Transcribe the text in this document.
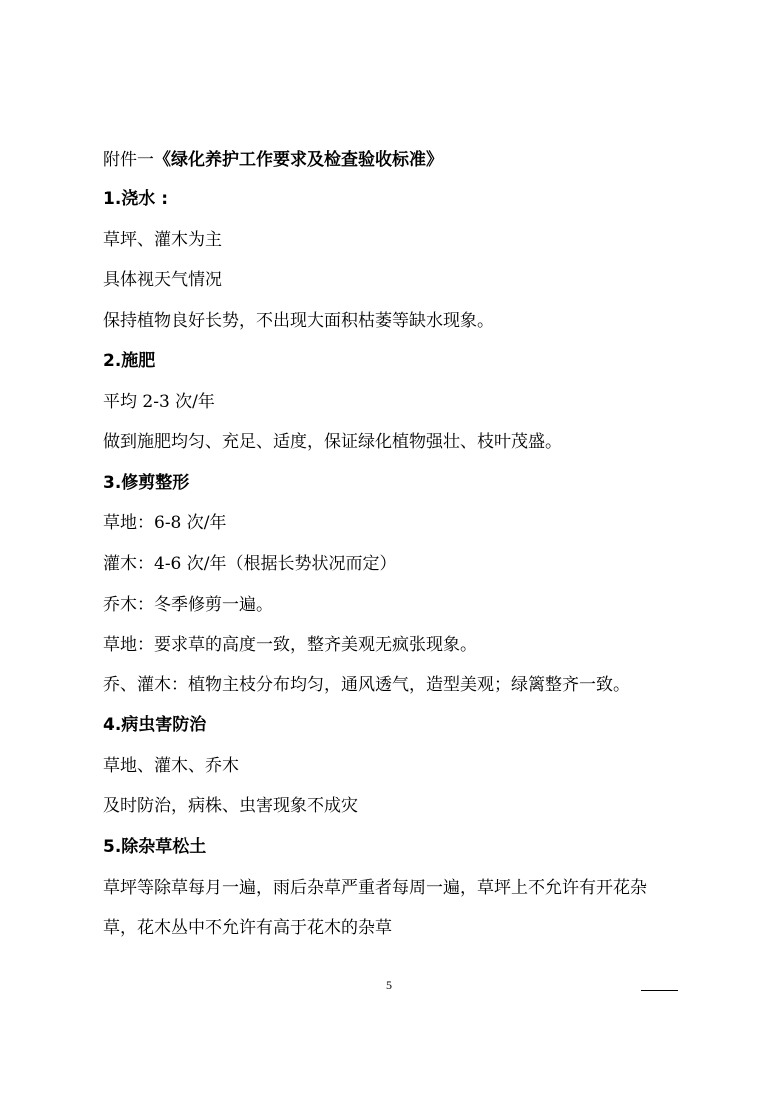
附件一《绿化养护工作要求及检查验收标准》
1.浇水 :
草坪、灌木为主
具体视天气情况
保持植物良好长势，不出现大面积枯萎等缺水现象。
2.施肥
平均 2-3 次/年
做到施肥均匀、充足、适度，保证绿化植物强壮、枝叶茂盛。
3.修剪整形
草地：6-8 次/年
灌木：4-6 次/年（根据长势状况而定）
乔木：冬季修剪一遍。
草地：要求草的高度一致，整齐美观无疯张现象。
乔、灌木：植物主枝分布均匀，通风透气，造型美观；绿篱整齐一致。
4.病虫害防治
草地、灌木、乔木
及时防治，病株、虫害现象不成灾
5.除杂草松土
草坪等除草每月一遍，雨后杂草严重者每周一遍，草坪上不允许有开花杂
草，花木丛中不允许有高于花木的杂草
5
